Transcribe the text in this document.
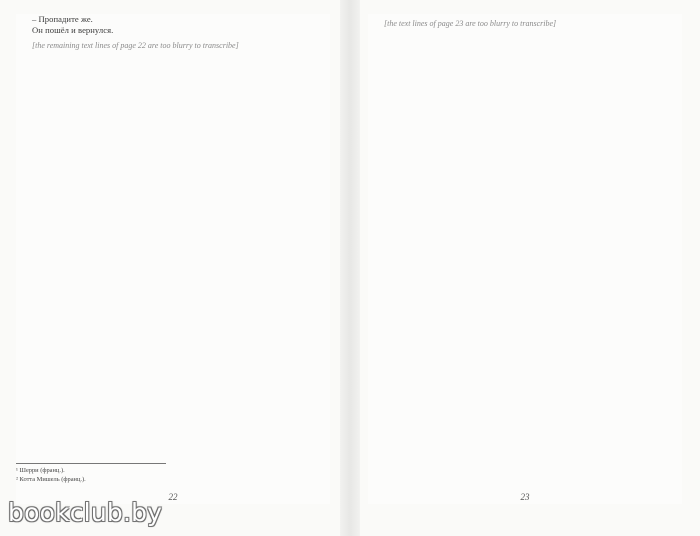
– Пропадите же.
Он пошёл и вернулся.
[the remaining text lines of page 22 are too blurry to transcribe]
¹ Шерри (франц.).
² Котта Мишель (франц.).
22
[the text lines of page 23 are too blurry to transcribe]
23
bookclub.by
